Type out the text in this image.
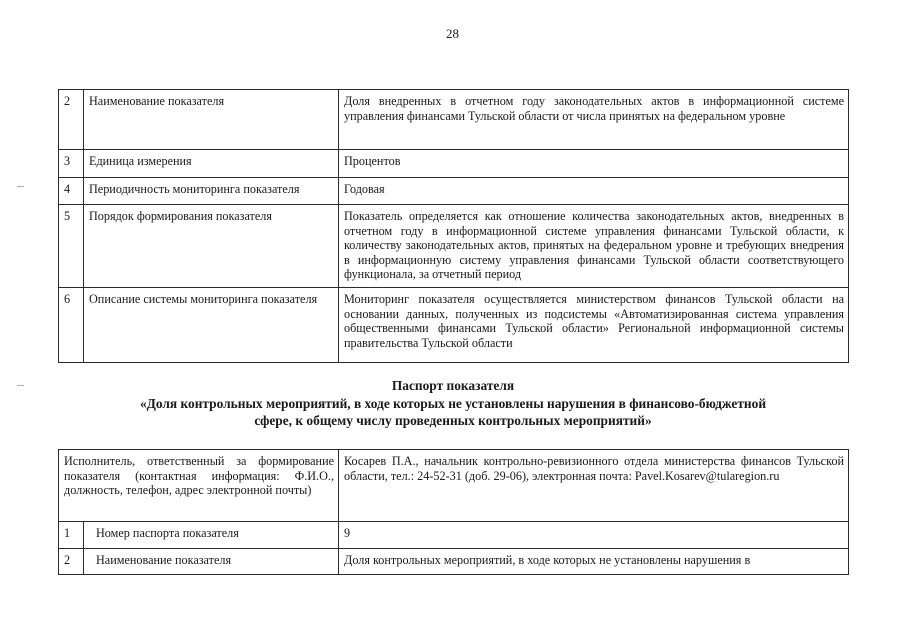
28
2	Наименование показателя	Доля внедренных в отчетном году законодательных актов в информационной системе управления финансами Тульской области от числа принятых на федеральном уровне
3	Единица измерения	Процентов
4	Периодичность мониторинга показателя	Годовая
5	Порядок формирования показателя	Показатель определяется как отношение количества законодательных актов, внедренных в отчетном году в информационной системе управления финансами Тульской области, к количеству законодательных актов, принятых на федеральном уровне и требующих внедрения в информационную систему управления финансами Тульской области соответствующего функционала, за отчетный период
6	Описание системы мониторинга показателя	Мониторинг показателя осуществляется министерством финансов Тульской области на основании данных, полученных из подсистемы «Автоматизированная система управления общественными финансами Тульской области» Региональной информационной системы правительства Тульской области
Паспорт показателя
«Доля контрольных мероприятий, в ходе которых не установлены нарушения в финансово-бюджетной
сфере, к общему числу проведенных контрольных мероприятий»
Исполнитель, ответственный за формирование показателя (контактная информация: Ф.И.О., должность, телефон, адрес электронной почты)		Косарев П.А., начальник контрольно-ревизионного отдела министерства финансов Тульской области, тел.: 24-52-31 (доб. 29-06), электронная почта: Pavel.Kosarev@tularegion.ru
1	Номер паспорта показателя	9
2	Наименование показателя	Доля контрольных мероприятий, в ходе которых не установлены нарушения в
